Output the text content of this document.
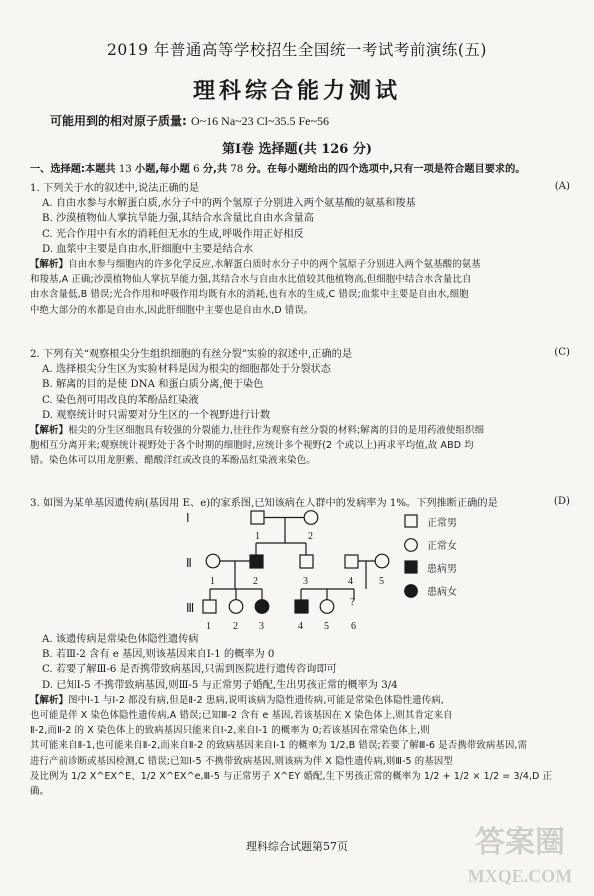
2019 年普通高等学校招生全国统一考试考前演练(五)
理科综合能力测试
可能用到的相对原子质量: O~16 Na~23 Cl~35.5 Fe~56
第Ⅰ卷 选择题(共 126 分)
一、选择题:本题共 13 小题,每小题 6 分,共 78 分。在每小题给出的四个选项中,只有一项是符合题目要求的。
1. 下列关于水的叙述中,说法正确的是
A. 自由水参与水解蛋白质,水分子中的两个氢原子分别进入两个氨基酸的氨基和羧基
B. 沙漠植物仙人掌抗旱能力强,其结合水含量比自由水含量高
C. 光合作用中有水的消耗但无水的生成,呼吸作用正好相反
D. 血浆中主要是自由水,肝细胞中主要是结合水
【解析】自由水参与细胞内的许多化学反应,水解蛋白质时水分子中的两个氢原子分别进入两个氨基酸的氨基
和羧基,A 正确;沙漠植物仙人掌抗旱能力强,其结合水与自由水比值较其他植物高,但细胞中结合水含量比自
由水含量低,B 错误;光合作用和呼吸作用均既有水的消耗,也有水的生成,C 错误;血浆中主要是自由水,细胞
中绝大部分的水都是自由水,因此肝细胞中主要也是自由水,D 错误。
(A)
2. 下列有关“观察根尖分生组织细胞的有丝分裂”实验的叙述中,正确的是
A. 选择根尖分生区为实验材料是因为根尖的细胞都处于分裂状态
B. 解离的目的是使 DNA 和蛋白质分离,便于染色
C. 染色剂可用改良的苯酚品红染液
D. 观察统计时只需要对分生区的一个视野进行计数
【解析】根尖的分生区细胞具有较强的分裂能力,往往作为观察有丝分裂的材料;解离的目的是用药液使组织细
胞相互分离开来;观察统计视野处于各个时期的细胞时,应统计多个视野(2 个或以上)再求平均值,故 ABD 均
错。染色体可以用龙胆紫、醋酸洋红或改良的苯酚品红染液来染色。
(C)
3. 如图为某单基因遗传病(基因用 E、e)的家系图,已知该病在人群中的发病率为 1%。下列推断正确的是	(D)
Ⅰ
Ⅱ
Ⅲ
1	2
1	2	3	4	5
?
1 2 3	4 5 6
正常男
正常女
患病男
患病女
A. 该遗传病是常染色体隐性遗传病
B. 若Ⅲ-2 含有 e 基因,则该基因来自Ⅰ-1 的概率为 0
C. 若要了解Ⅲ-6 是否携带致病基因,只需到医院进行遗传咨询即可
D. 已知Ⅰ-5 不携带致病基因,则Ⅲ-5 与正常男子婚配,生出男孩正常的概率为 3/4
【解析】图中Ⅰ-1 与Ⅰ-2 都没有病,但是Ⅱ-2 患病,说明该病为隐性遗传病,可能是常染色体隐性遗传病,
也可能是伴 X 染色体隐性遗传病,A 错误;已知Ⅲ-2 含有 e 基因,若该基因在 X 染色体上,则其肯定来自
Ⅱ-2,而Ⅱ-2 的 X 染色体上的致病基因只能来自Ⅰ-2,来自Ⅰ-1 的概率为 0;若该基因在常染色体上,则
其可能来自Ⅱ-1,也可能来自Ⅱ-2,而来自Ⅱ-2 的致病基因来自Ⅰ-1 的概率为 1/2,B 错误;若要了解Ⅲ-6 是否携带致病基因,需
进行产前诊断或基因检测,C 错误;已知Ⅰ-5 不携带致病基因,则该病为伴 X 隐性遗传病,则Ⅲ-5 的基因型
及比例为 1/2 X^EX^E、1/2 X^EX^e,Ⅲ-5 与正常男子 X^EY 婚配,生下男孩正常的概率为 1/2 + 1/2 × 1/2 = 3/4,D 正确。
理科综合试题第57页	答案圈
MXQE.COM
